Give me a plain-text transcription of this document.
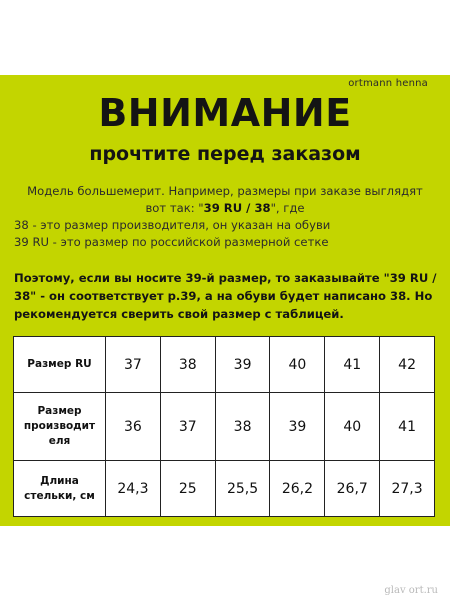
ortmann henna
ВНИМАНИЕ
прочтите перед заказом
Модель большемерит. Например, размеры при заказе выглядят
вот так: "39 RU / 38", где
38 - это размер производителя, он указан на обуви
39 RU - это размер по российской размерной сетке
Поэтому, если вы носите 39-й размер, то заказывайте "39 RU / 38" - он соответствует р.39, а на обуви будет написано 38. Но рекомендуется сверить свой размер с таблицей.
Размер RU	37	38	39	40	41	42

Размер
производит
еля	36	37	38	39	40	41

Длина
стельки, см	24,3	25	25,5	26,2	26,7	27,3
glav ort.ru
